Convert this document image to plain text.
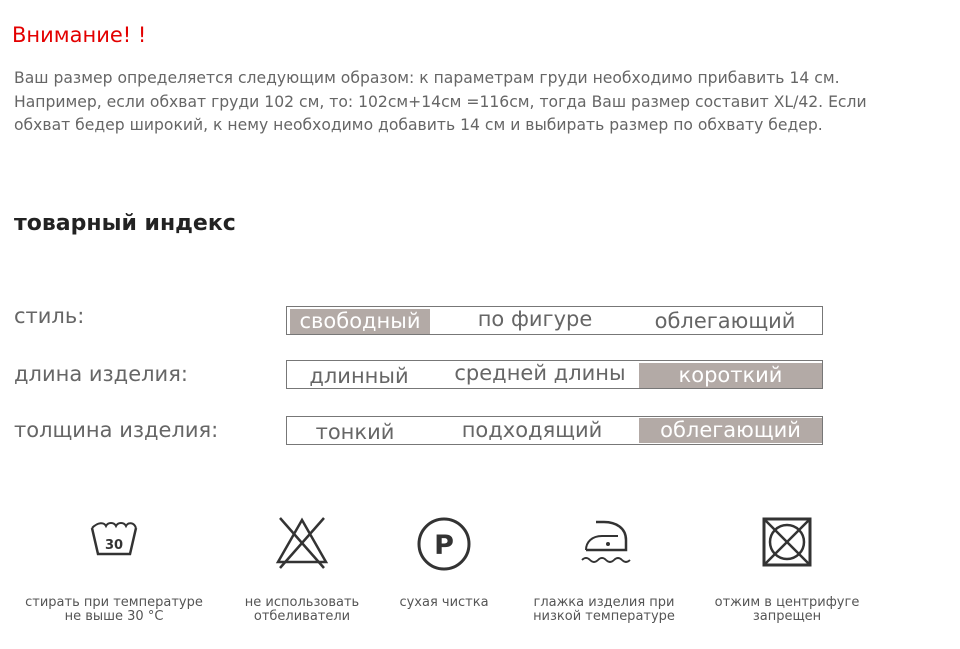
Внимание! !

Ваш размер определяется следующим образом: к параметрам груди необходимо прибавить 14 см. Например, если обхват груди 102 см, то: 102см+14см =116см, тогда Ваш размер составит XL/42. Если обхват бедер широкий, к нему необходимо добавить 14 см и выбирать размер по обхвату бедер.

товарный индекс
стиль:	свободный	по фигуре	облегающий
длина изделия:	длинный	средней длины	короткий
толщина изделия:	тонкий	подходящий	облегающий
30
стирать при температуре
не выше 30 °C
не использовать
отбеливатели
P
сухая чистка	глажка изделия при
низкой температуре
отжим в центрифуге
запрещен
